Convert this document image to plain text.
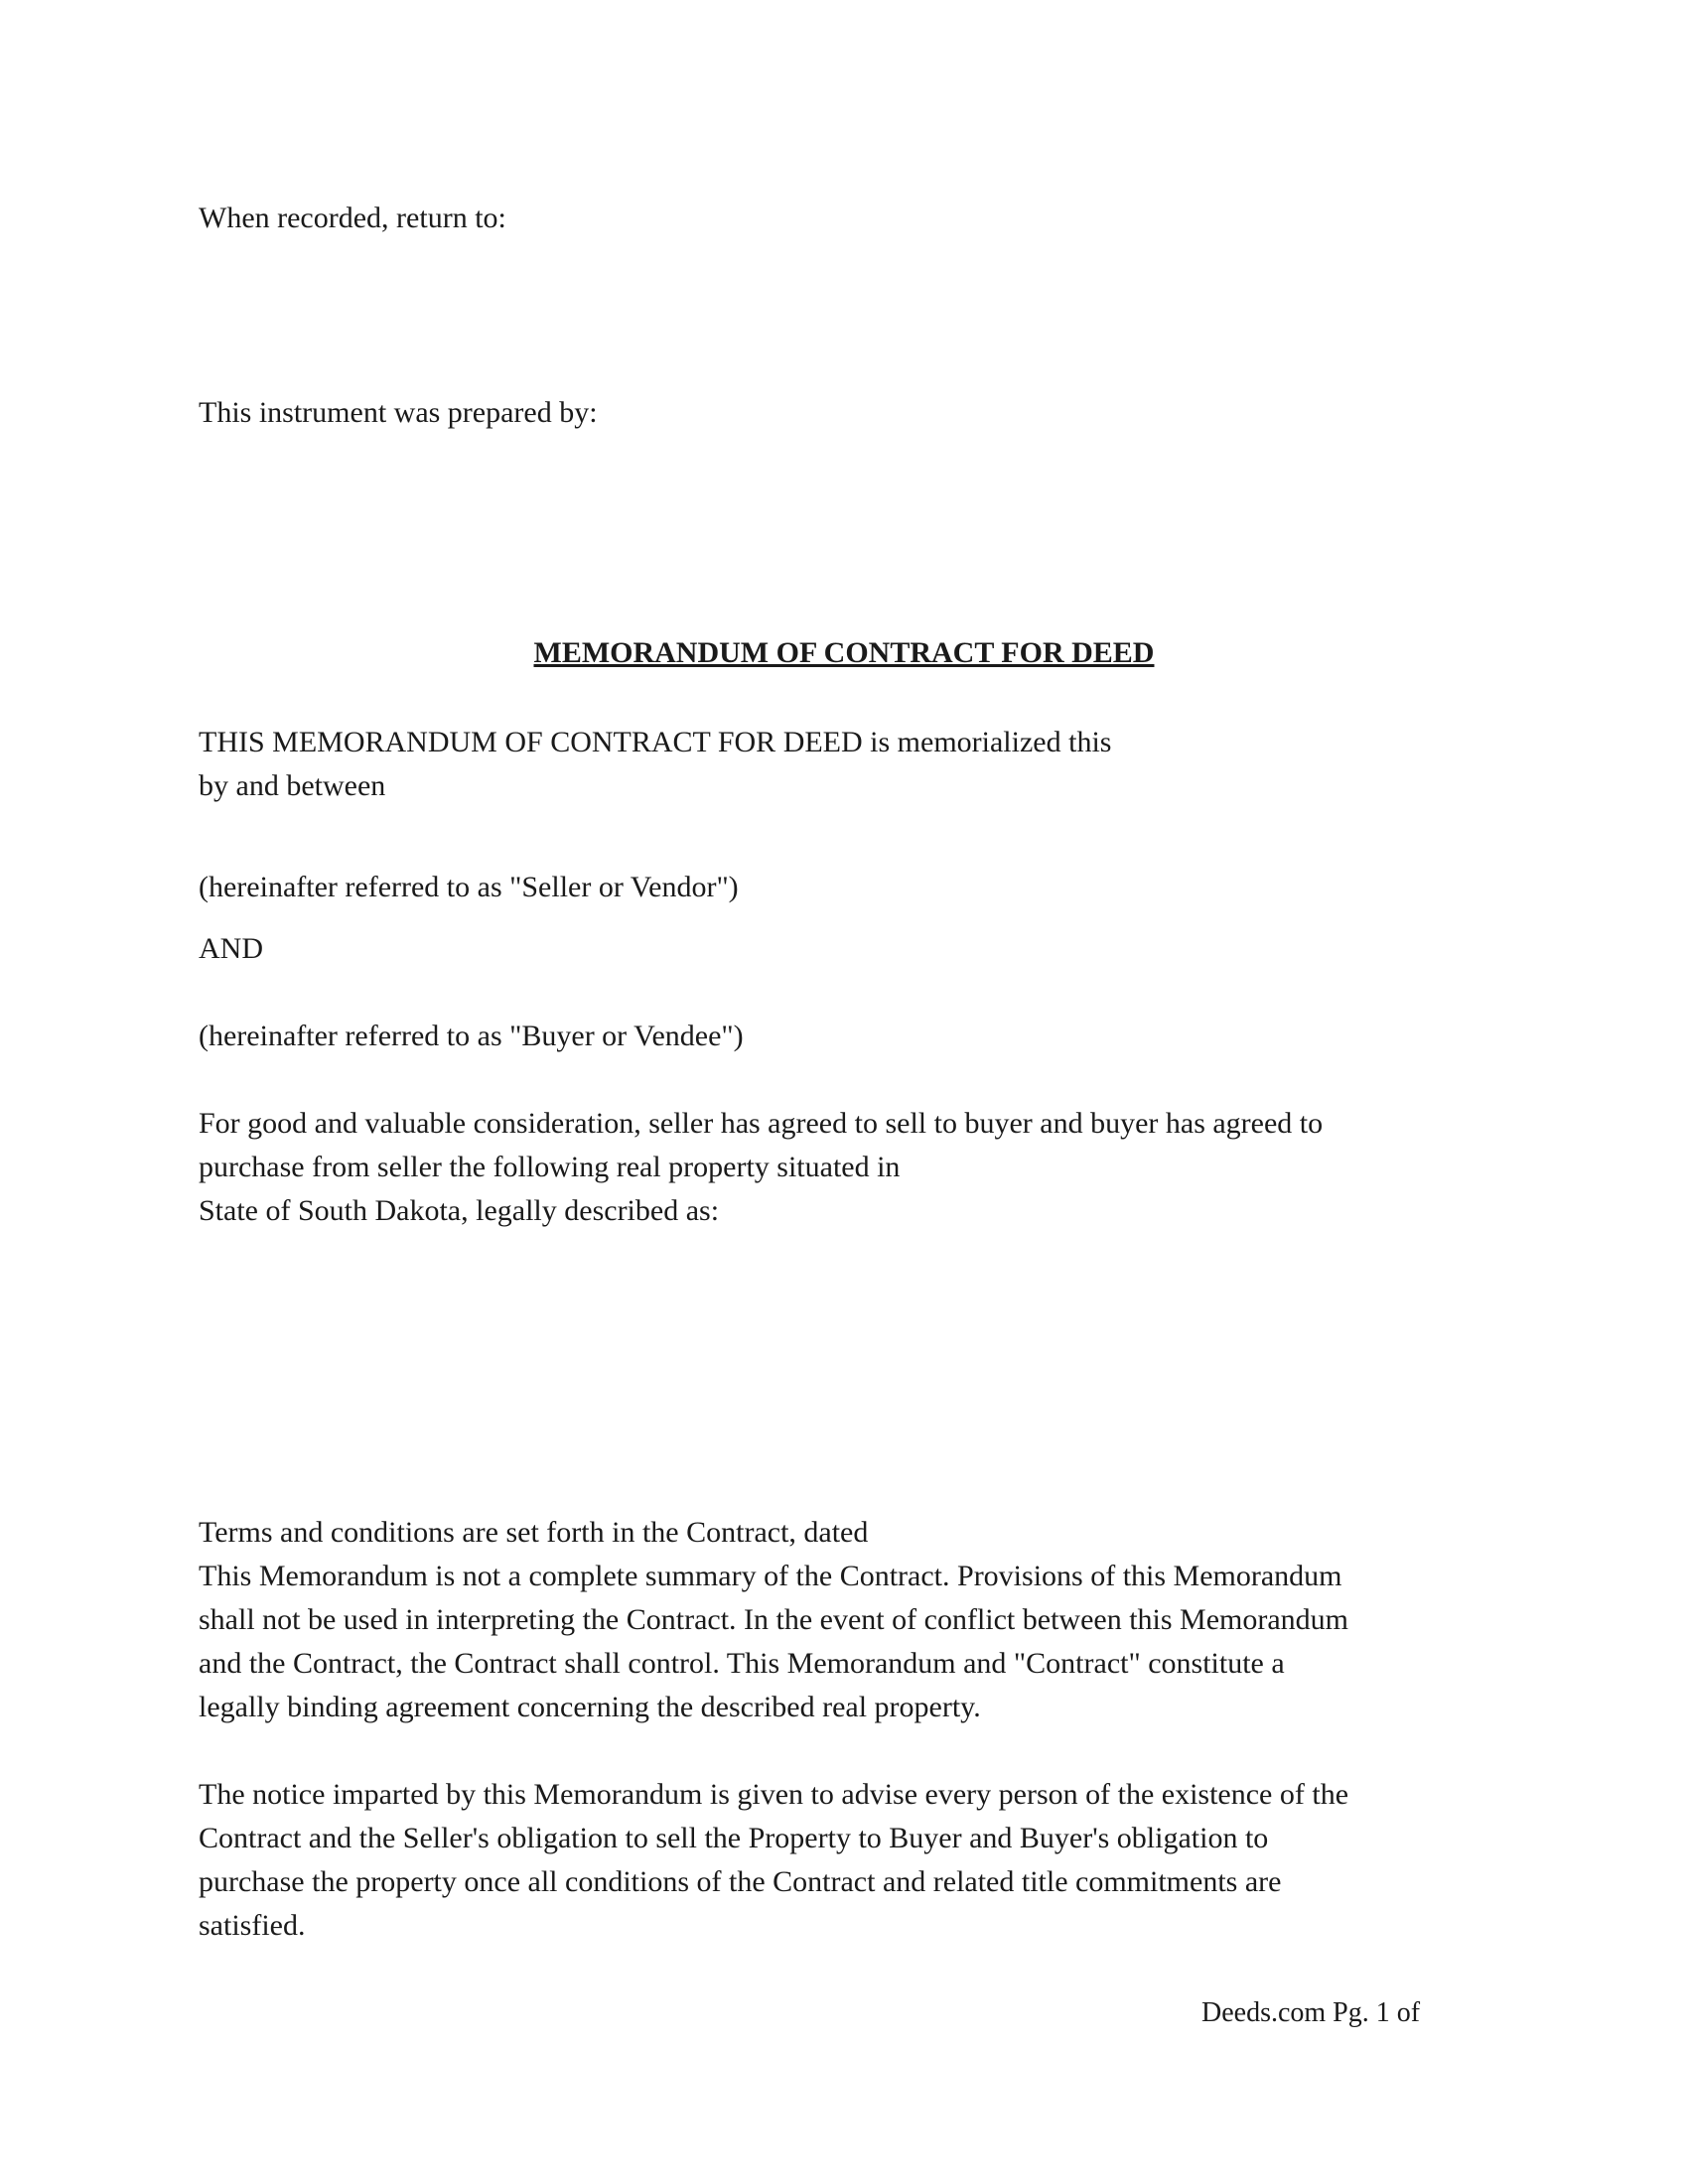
When recorded, return to:

This instrument was prepared by:

MEMORANDUM OF CONTRACT FOR DEED
THIS MEMORANDUM OF CONTRACT FOR DEED is memorialized this
by and between

(hereinafter referred to as "Seller or Vendor")

AND

(hereinafter referred to as "Buyer or Vendee")

For good and valuable consideration, seller has agreed to sell to buyer and buyer has agreed to
purchase from seller the following real property situated in
State of South Dakota, legally described as:
Terms and conditions are set forth in the Contract, dated
This Memorandum is not a complete summary of the Contract. Provisions of this Memorandum
shall not be used in interpreting the Contract. In the event of conflict between this Memorandum
and the Contract, the Contract shall control. This Memorandum and "Contract" constitute a
legally binding agreement concerning the described real property.
The notice imparted by this Memorandum is given to advise every person of the existence of the
Contract and the Seller's obligation to sell the Property to Buyer and Buyer's obligation to
purchase the property once all conditions of the Contract and related title commitments are
satisfied.
Deeds.com Pg. 1 of
